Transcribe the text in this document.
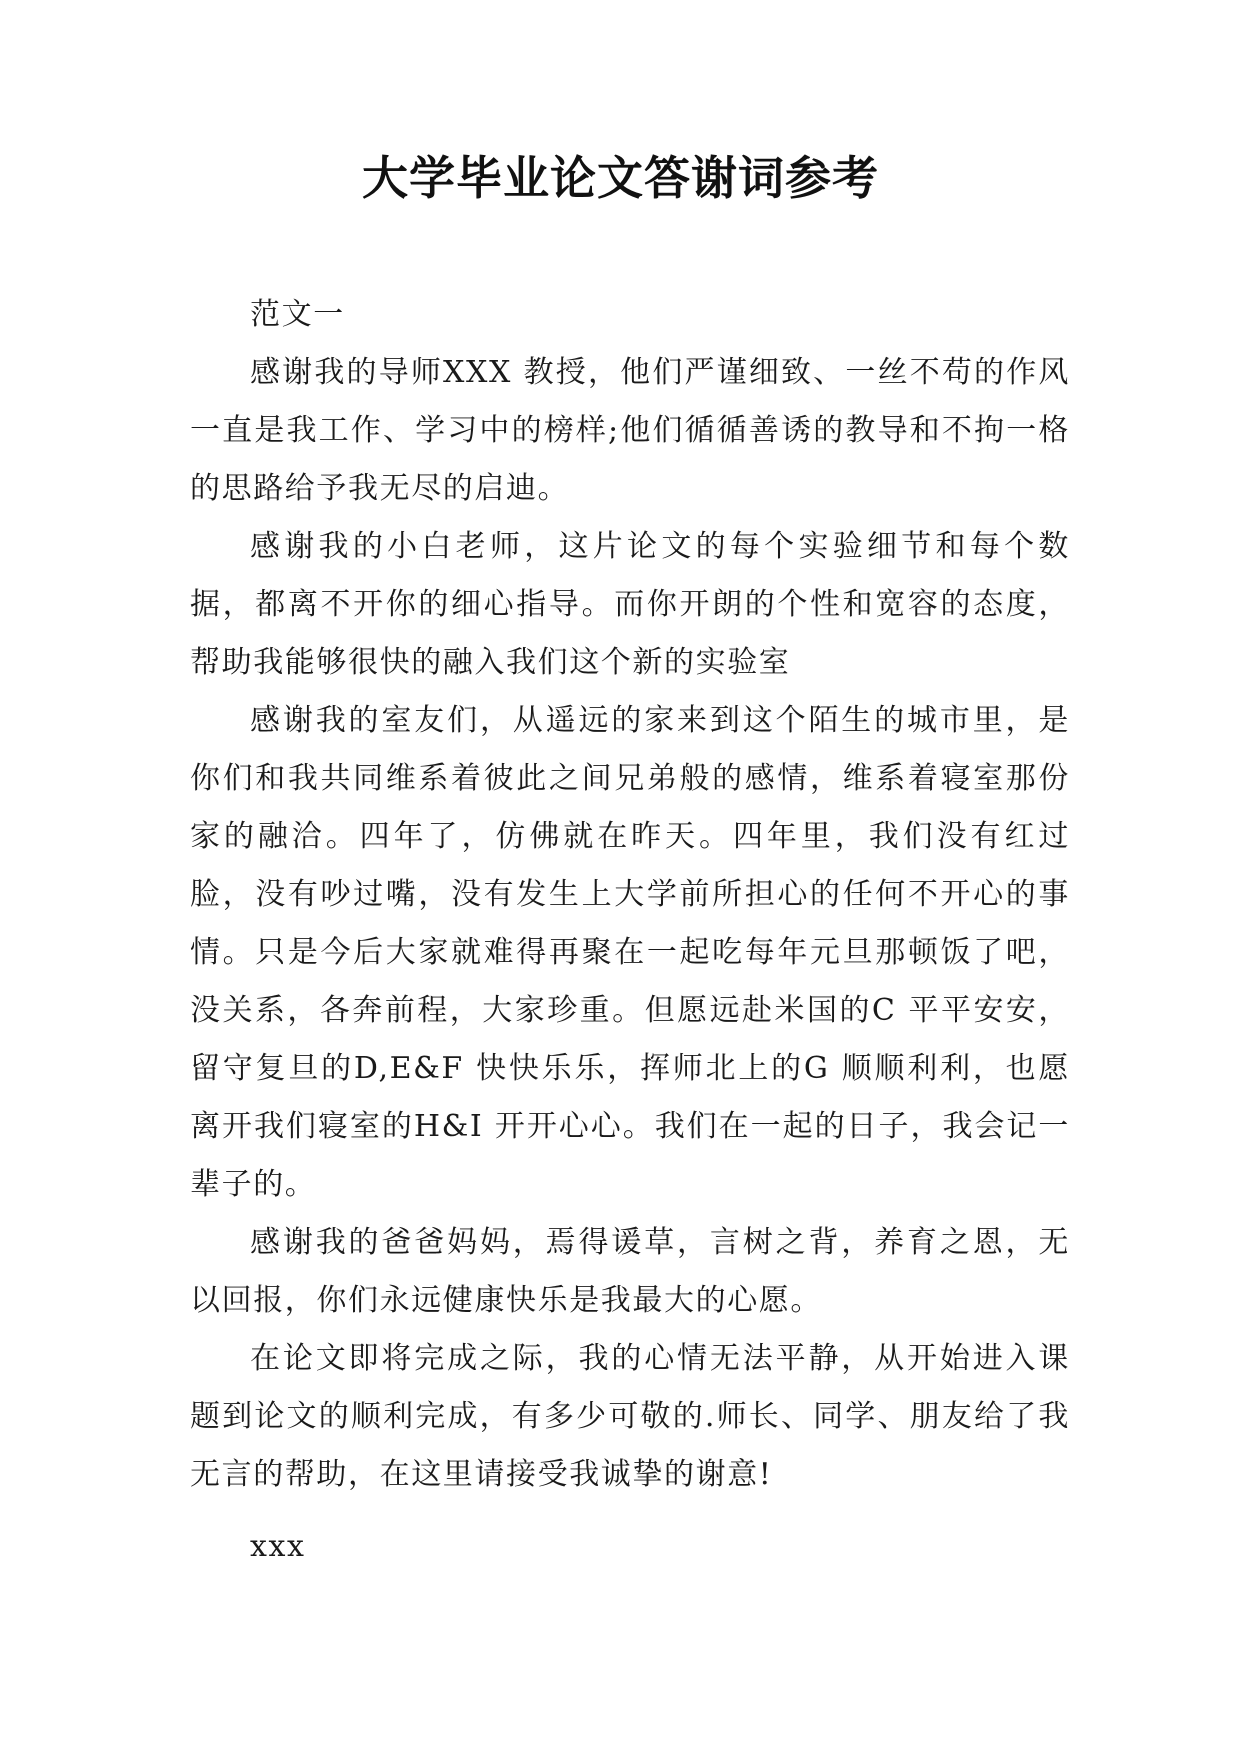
大学毕业论文答谢词参考

范文一

感谢我的导师XXX 教授，他们严谨细致、一丝不苟的作风一直是我工作、学习中的榜样;他们循循善诱的教导和不拘一格的思路给予我无尽的启迪。

感谢我的小白老师，这片论文的每个实验细节和每个数据，都离不开你的细心指导。而你开朗的个性和宽容的态度，帮助我能够很快的融入我们这个新的实验室

感谢我的室友们，从遥远的家来到这个陌生的城市里，是你们和我共同维系着彼此之间兄弟般的感情，维系着寝室那份家的融洽。四年了，仿佛就在昨天。四年里，我们没有红过脸，没有吵过嘴，没有发生上大学前所担心的任何不开心的事情。只是今后大家就难得再聚在一起吃每年元旦那顿饭了吧，没关系，各奔前程，大家珍重。但愿远赴米国的C 平平安安，留守复旦的D,E&F 快快乐乐，挥师北上的G 顺顺利利，也愿离开我们寝室的H&I 开开心心。我们在一起的日子，我会记一辈子的。

感谢我的爸爸妈妈，焉得谖草，言树之背，养育之恩，无以回报，你们永远健康快乐是我最大的心愿。

在论文即将完成之际，我的心情无法平静，从开始进入课题到论文的顺利完成，有多少可敬的.师长、同学、朋友给了我无言的帮助，在这里请接受我诚挚的谢意!

xxx
